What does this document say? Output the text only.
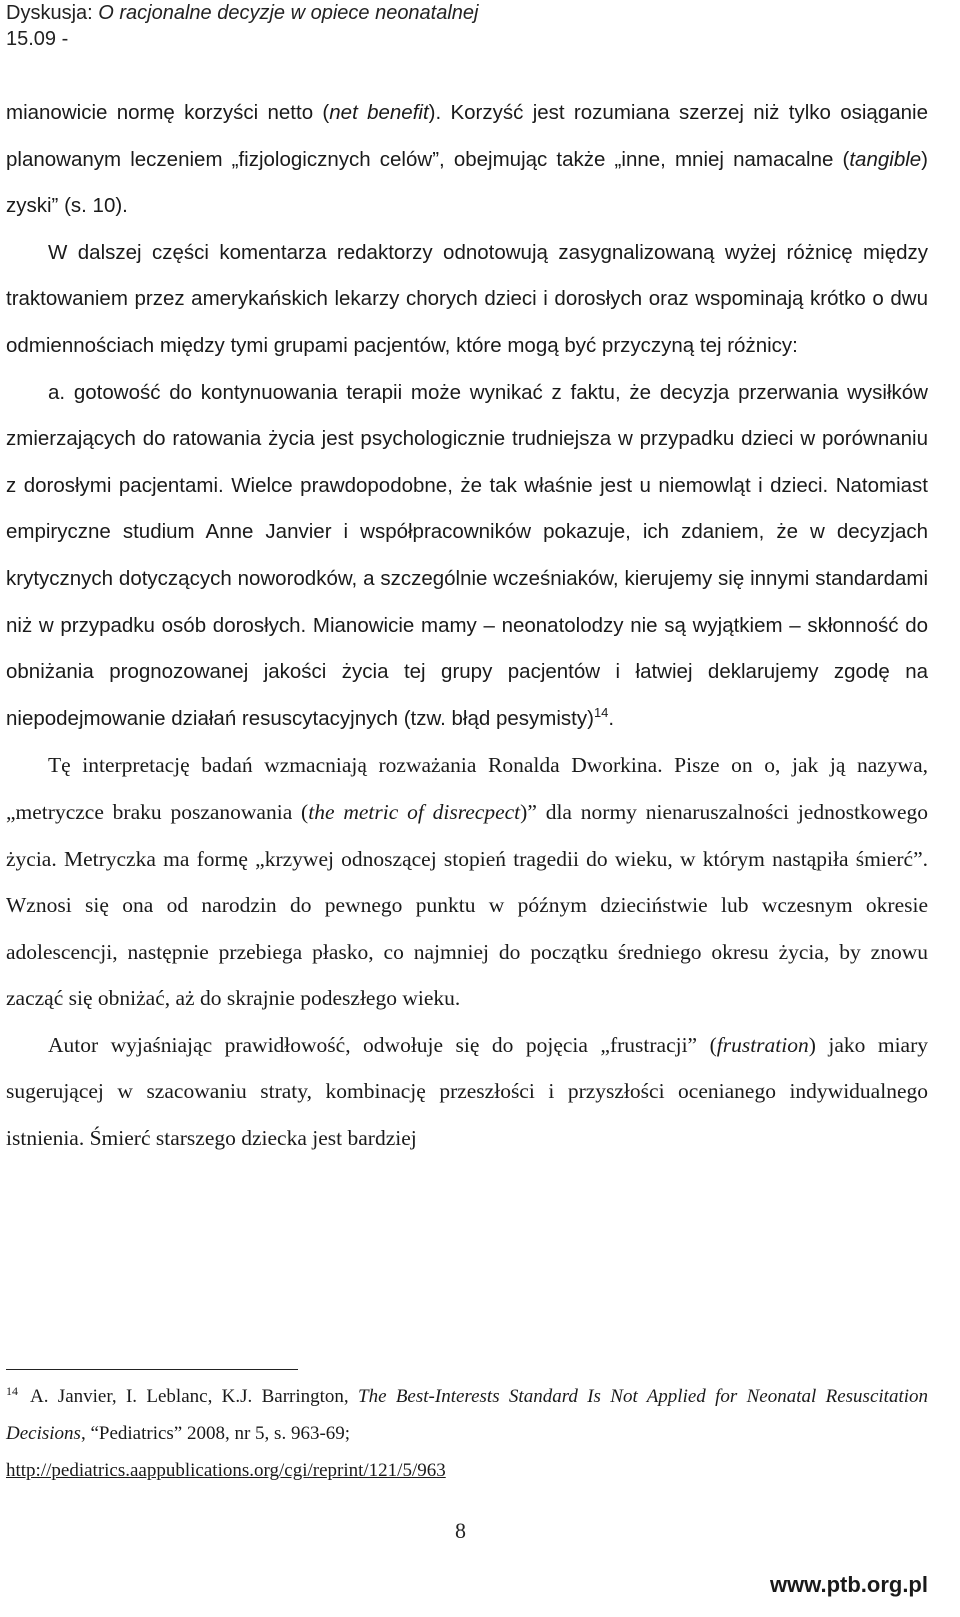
Dyskusja: O racjonalne decyzje w opiece neonatalnej
15.09 -

mianowicie normę korzyści netto (net benefit). Korzyść jest rozumiana szerzej niż tylko osiąganie planowanym leczeniem „fizjologicznych celów”, obejmując także „inne, mniej namacalne (tangible) zyski” (s. 10).

W dalszej części komentarza redaktorzy odnotowują zasygnalizowaną wyżej różnicę między traktowaniem przez amerykańskich lekarzy chorych dzieci i dorosłych oraz wspominają krótko o dwu odmiennościach między tymi grupami pacjentów, które mogą być przyczyną tej różnicy:

a. gotowość do kontynuowania terapii może wynikać z faktu, że decyzja przerwania wysiłków zmierzających do ratowania życia jest psychologicznie trudniejsza w przypadku dzieci w porównaniu z dorosłymi pacjentami. Wielce prawdopodobne, że tak właśnie jest u niemowląt i dzieci. Natomiast empiryczne studium Anne Janvier i współpracowników pokazuje, ich zdaniem, że w decyzjach krytycznych dotyczących noworodków, a szczególnie wcześniaków, kierujemy się innymi standardami niż w przypadku osób dorosłych. Mianowicie mamy – neonatolodzy nie są wyjątkiem – skłonność do obniżania prognozowanej jakości życia tej grupy pacjentów i łatwiej deklarujemy zgodę na niepodejmowanie działań resuscytacyjnych (tzw. błąd pesymisty)$^{14}$.

Tę interpretację badań wzmacniają rozważania Ronalda Dworkina. Pisze on o, jak ją nazywa, „metryczce braku poszanowania (the metric of disrecpect)” dla normy nienaruszalności jednostkowego życia. Metryczka ma formę „krzywej odnoszącej stopień tragedii do wieku, w którym nastąpiła śmierć”. Wznosi się ona od narodzin do pewnego punktu w późnym dzieciństwie lub wczesnym okresie adolescencji, następnie przebiega płasko, co najmniej do początku średniego okresu życia, by znowu zacząć się obniżać, aż do skrajnie podeszłego wieku.

Autor wyjaśniając prawidłowość, odwołuje się do pojęcia „frustracji” (frustration) jako miary sugerującej w szacowaniu straty, kombinację przeszłości i przyszłości ocenianego indywidualnego istnienia. Śmierć starszego dziecka jest bardziej

$^{14}$ A. Janvier, I. Leblanc, K.J. Barrington, The Best-Interests Standard Is Not Applied for Neonatal Resuscitation Decisions, “Pediatrics” 2008, nr 5, s. 963-69;
http://pediatrics.aappublications.org/cgi/reprint/121/5/963
8
www.ptb.org.pl
